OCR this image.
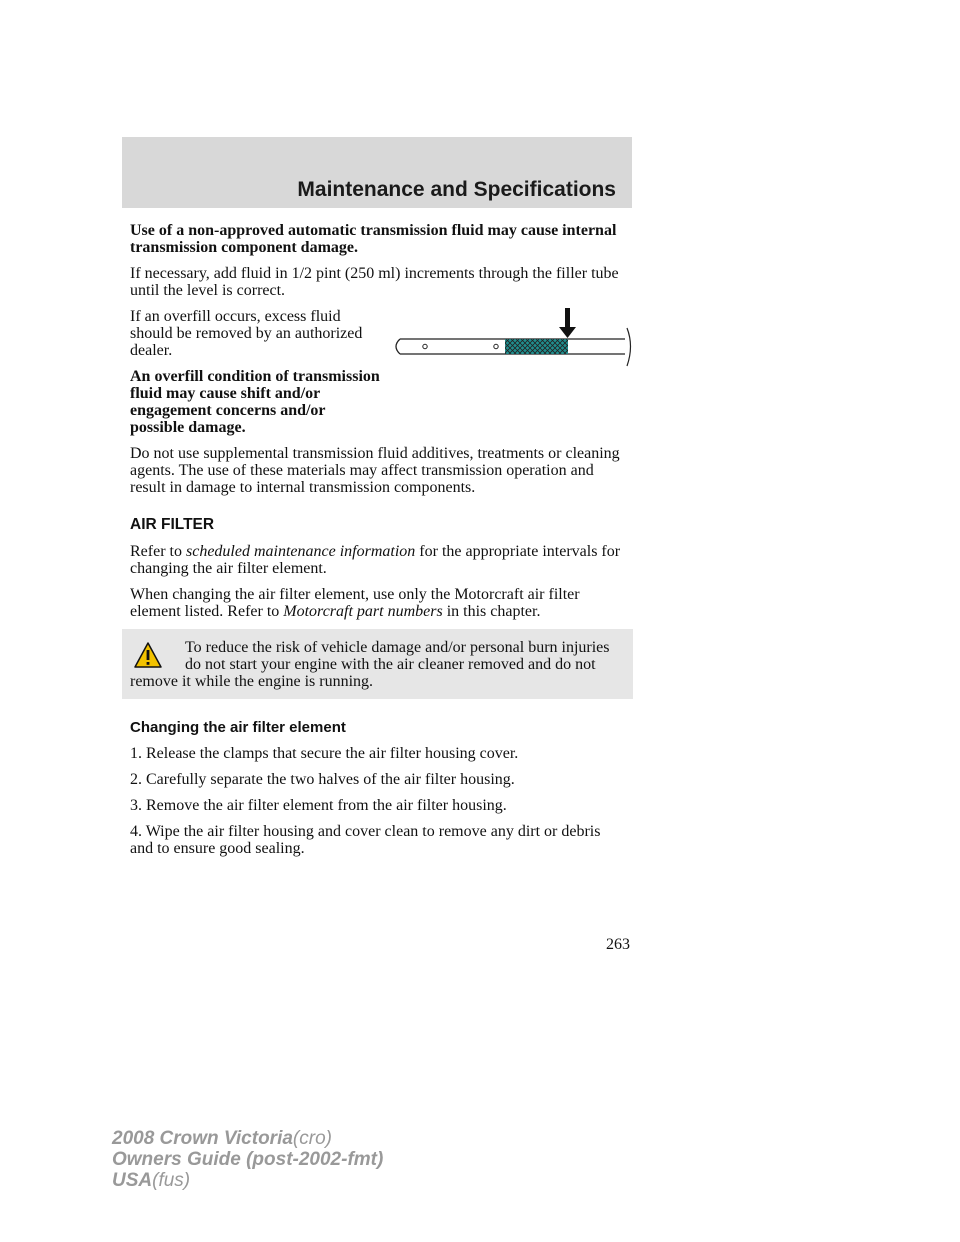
Maintenance and Specifications

Use of a non-approved automatic transmission fluid may cause internal transmission component damage.

If necessary, add fluid in 1/2 pint (250 ml) increments through the filler tube until the level is correct.

If an overfill occurs, excess fluid should be removed by an authorized dealer.

An overfill condition of transmission fluid may cause shift and/or engagement concerns and/or possible damage.

Do not use supplemental transmission fluid additives, treatments or cleaning agents. The use of these materials may affect transmission operation and result in damage to internal transmission components.

AIR FILTER

Refer to scheduled maintenance information for the appropriate intervals for changing the air filter element.

When changing the air filter element, use only the Motorcraft air filter element listed. Refer to Motorcraft part numbers in this chapter.

To reduce the risk of vehicle damage and/or personal burn injuries do not start your engine with the air cleaner removed and do not remove it while the engine is running.

Changing the air filter element

1. Release the clamps that secure the air filter housing cover.

2. Carefully separate the two halves of the air filter housing.

3. Remove the air filter element from the air filter housing.

4. Wipe the air filter housing and cover clean to remove any dirt or debris and to ensure good sealing.

263

2008 Crown Victoria(cro)
Owners Guide (post-2002-fmt)
USA(fus)
